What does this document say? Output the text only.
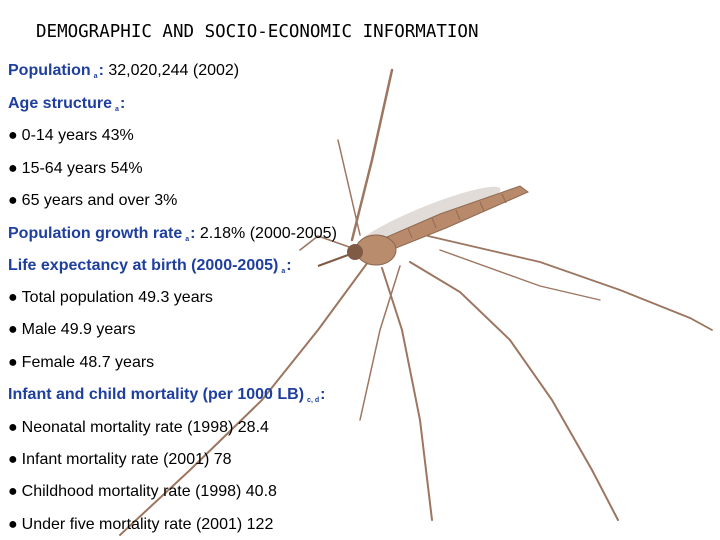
DEMOGRAPHIC AND SOCIO-ECONOMIC INFORMATION
Population $_a$: 32,020,244 (2002)
Age structure $_a$:
● 0-14 years 43%
● 15-64 years 54%
● 65 years and over 3%
Population growth rate $_a$: 2.18% (2000-2005)
Life expectancy at birth (2000-2005) $_a$:
● Total population 49.3 years
● Male 49.9 years
● Female 48.7 years
Infant and child mortality (per 1000 LB) $_{c, d}$:
● Neonatal mortality rate (1998) 28.4
● Infant mortality rate (2001) 78
● Childhood mortality rate (1998) 40.8
● Under five mortality rate (2001) 122
